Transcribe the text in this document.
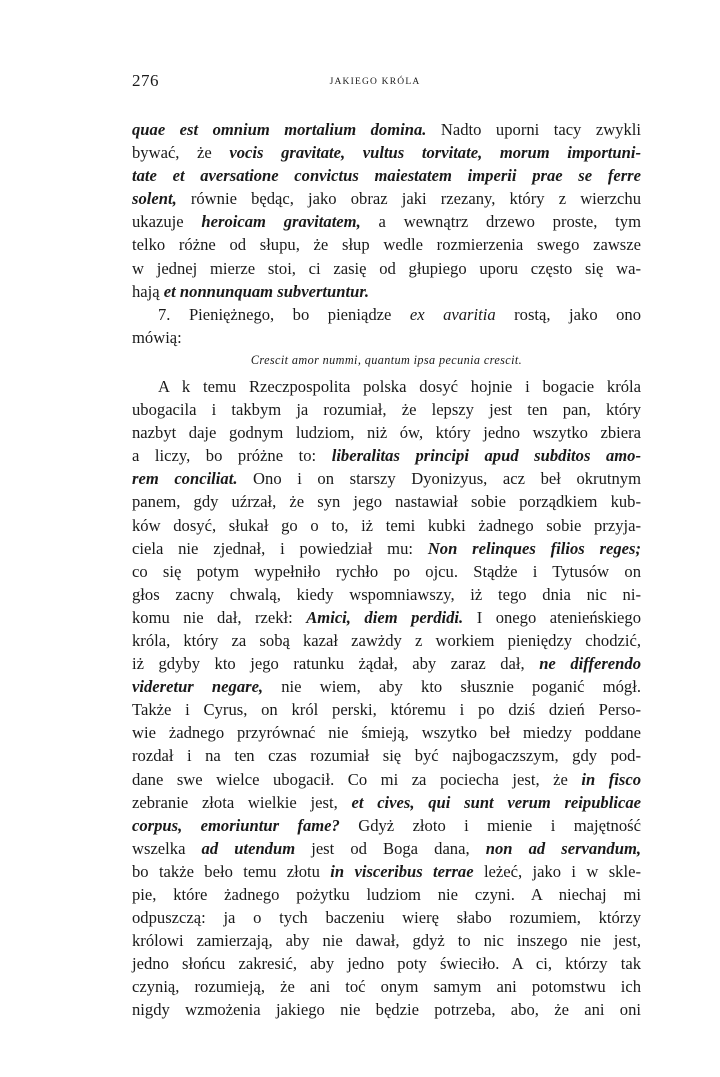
276	JAKIEGO KRÓLA
quae est omnium mortalium domina. Nadto uporni tacy zwykli
bywać, że vocis gravitate, vultus torvitate, morum importuni-
tate et aversatione convictus maiestatem imperii prae se ferre
solent, równie będąc, jako obraz jaki rzezany, który z wierzchu
ukazuje heroicam gravitatem, a wewnątrz drzewo proste, tym
telko różne od słupu, że słup wedle rozmierzenia swego zawsze
w jednej mierze stoi, ci zasię od głupiego uporu często się wa-
hają et nonnunquam subvertuntur.
7. Pieniężnego, bo pieniądze ex avaritia rostą, jako ono
mówią:
Crescit amor nummi, quantum ipsa pecunia crescit.
A k temu Rzeczpospolita polska dosyć hojnie i bogacie króla
ubogacila i takbym ja rozumiał, że lepszy jest ten pan, który
nazbyt daje godnym ludziom, niż ów, który jedno wszytko zbiera
a liczy, bo próżne to: liberalitas principi apud subditos amo-
rem conciliat. Ono i on starszy Dyonizyus, acz beł okrutnym
panem, gdy uźrzał, że syn jego nastawiał sobie porządkiem kub-
ków dosyć, słukał go o to, iż temi kubki żadnego sobie przyja-
ciela nie zjednał, i powiedział mu: Non relinques filios reges;
co się potym wypełniło rychło po ojcu. Stądże i Tytusów on
głos zacny chwalą, kiedy wspomniawszy, iż tego dnia nic ni-
komu nie dał, rzekł: Amici, diem perdidi. I onego ateniеńskiego
króla, który za sobą kazał zawżdy z workiem pieniędzy chodzić,
iż gdyby kto jego ratunku żądał, aby zaraz dał, ne differendo
videretur negare, nie wiem, aby kto słusznie poganić mógł.
Także i Cyrus, on król perski, któremu i po dziś dzień Perso-
wie żadnego przyrównać nie śmieją, wszytko beł miedzy poddane
rozdał i na ten czas rozumiał się być najbogaczszym, gdy pod-
dane swe wielce ubogacił. Co mi za pociecha jest, że in fisco
zebranie złota wielkie jest, et cives, qui sunt verum reipublicae
corpus, emoriuntur fame? Gdyż złoto i mienie i majętność
wszelka ad utendum jest od Boga dana, non ad servandum,
bo także beło temu złotu in visceribus terrae leżeć, jako i w skle-
pie, które żadnego pożytku ludziom nie czyni. A niechaj mi
odpuszczą: ja o tych baczeniu wierę słabo rozumiem, którzy
królowi zamierzają, aby nie dawał, gdyż to nic inszego nie jest,
jedno słońcu zakresić, aby jedno poty świeciło. A ci, którzy tak
czynią, rozumieją, że ani toć onym samym ani potomstwu ich
nigdy wzmożenia jakiego nie będzie potrzeba, abo, że ani oni
